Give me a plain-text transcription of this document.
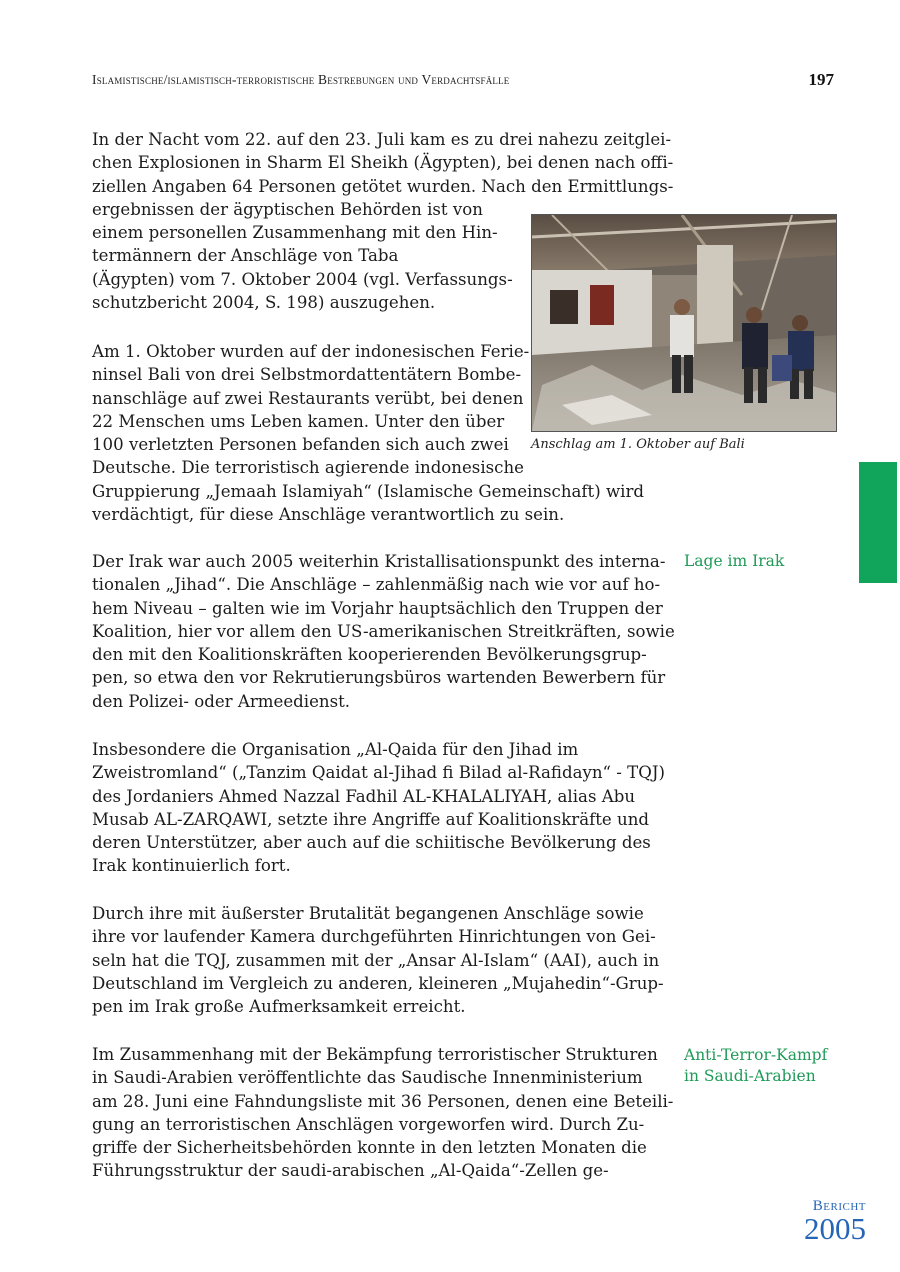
Islamistische/islamistisch-terroristische Bestrebungen und Verdachtsfälle	197
In der Nacht vom 22. auf den 23. Juli kam es zu drei nahezu zeitglei-
chen Explosionen in Sharm El Sheikh (Ägypten), bei denen nach offi-
ziellen Angaben 64 Personen getötet wurden. Nach den Ermittlungs-
ergebnissen der ägyptischen Behörden ist von
einem personellen Zusammenhang mit den Hin-
termännern der Anschläge von Taba
(Ägypten) vom 7. Oktober 2004 (vgl. Verfassungs-
schutzbericht 2004, S. 198) auszugehen.
Am 1. Oktober wurden auf der indonesischen Ferie-
ninsel Bali von drei Selbstmordattentätern Bombe-
nanschläge auf zwei Restaurants verübt, bei denen
22 Menschen ums Leben kamen. Unter den über
100 verletzten Personen befanden sich auch zwei
Deutsche. Die terroristisch agierende indonesische
Gruppierung „Jemaah Islamiyah“ (Islamische Gemeinschaft) wird
verdächtigt, für diese Anschläge verantwortlich zu sein.
Der Irak war auch 2005 weiterhin Kristallisationspunkt des interna-
tionalen „Jihad“. Die Anschläge – zahlenmäßig nach wie vor auf ho-
hem Niveau – galten wie im Vorjahr hauptsächlich den Truppen der
Koalition, hier vor allem den US-amerikanischen Streitkräften, sowie
den mit den Koalitionskräften kooperierenden Bevölkerungsgrup-
pen, so etwa den vor Rekrutierungsbüros wartenden Bewerbern für
den Polizei- oder Armeedienst.
Insbesondere die Organisation „Al-Qaida für den Jihad im
Zweistromland“ („Tanzim Qaidat al-Jihad fi Bilad al-Rafidayn“ - TQJ)
des Jordaniers Ahmed Nazzal Fadhil AL-KHALALIYAH, alias Abu
Musab AL-ZARQAWI, setzte ihre Angriffe auf Koalitionskräfte und
deren Unterstützer, aber auch auf die schiitische Bevölkerung des
Irak kontinuierlich fort.
Durch ihre mit äußerster Brutalität begangenen Anschläge sowie
ihre vor laufender Kamera durchgeführten Hinrichtungen von Gei-
seln hat die TQJ, zusammen mit der „Ansar Al-Islam“ (AAI), auch in
Deutschland im Vergleich zu anderen, kleineren „Mujahedin“-Grup-
pen im Irak große Aufmerksamkeit erreicht.
Im Zusammenhang mit der Bekämpfung terroristischer Strukturen
in Saudi-Arabien veröffentlichte das Saudische Innenministerium
am 28. Juni eine Fahndungsliste mit 36 Personen, denen eine Beteili-
gung an terroristischen Anschlägen vorgeworfen wird. Durch Zu-
griffe der Sicherheitsbehörden konnte in den letzten Monaten die
Führungsstruktur der saudi-arabischen „Al-Qaida“-Zellen ge-
Anschlag am 1. Oktober auf Bali
Lage im Irak
Anti-Terror-Kampf
in Saudi-Arabien
Bericht
2005
